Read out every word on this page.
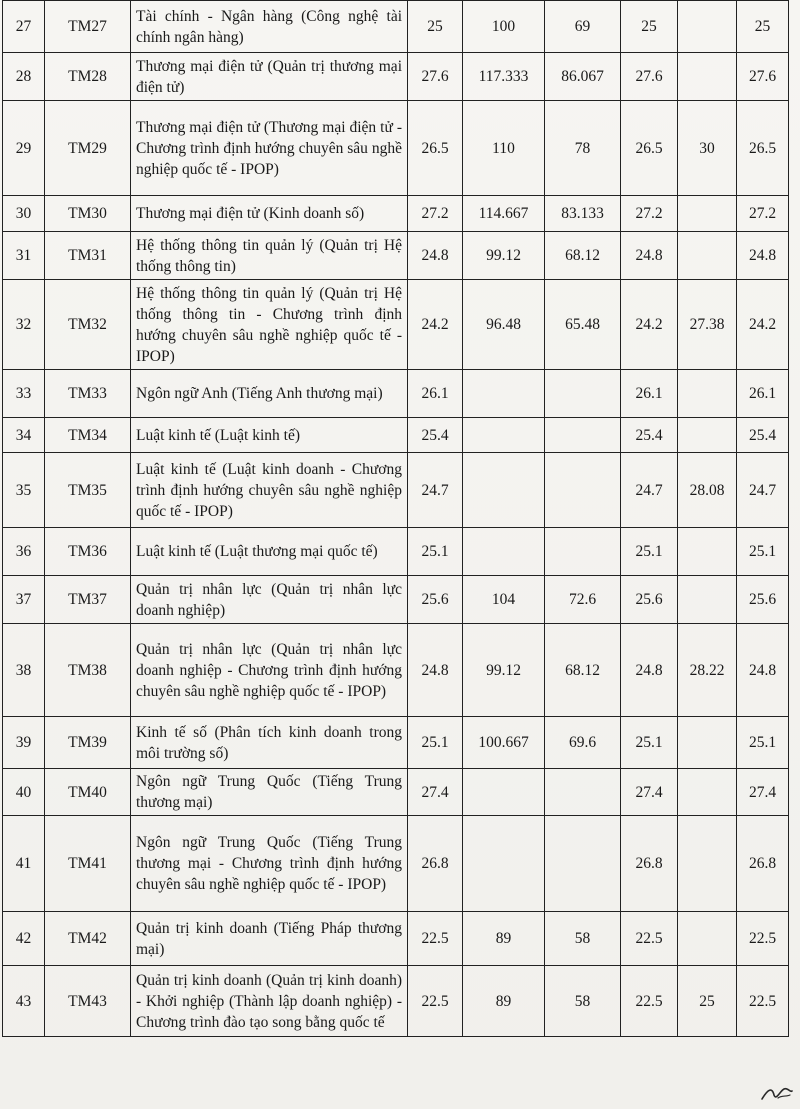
27	TM27	Tài chính - Ngân hàng (Công nghệ tài chính ngân hàng)	25	100	69	25		25
28	TM28	Thương mại điện tử (Quản trị thương mại điện tử)	27.6	117.333	86.067	27.6		27.6
29	TM29	Thương mại điện tử (Thương mại điện tử - Chương trình định hướng chuyên sâu nghề nghiệp quốc tế - IPOP)	26.5	110	78	26.5	30	26.5
30	TM30	Thương mại điện tử (Kinh doanh số)	27.2	114.667	83.133	27.2		27.2
31	TM31	Hệ thống thông tin quản lý (Quản trị Hệ thống thông tin)	24.8	99.12	68.12	24.8		24.8
32	TM32	Hệ thống thông tin quản lý (Quản trị Hệ thống thông tin - Chương trình định hướng chuyên sâu nghề nghiệp quốc tế - IPOP)	24.2	96.48	65.48	24.2	27.38	24.2
33	TM33	Ngôn ngữ Anh (Tiếng Anh thương mại)	26.1			26.1		26.1
34	TM34	Luật kinh tế (Luật kinh tế)	25.4			25.4		25.4
35	TM35	Luật kinh tế (Luật kinh doanh - Chương trình định hướng chuyên sâu nghề nghiệp quốc tế - IPOP)	24.7			24.7	28.08	24.7
36	TM36	Luật kinh tế (Luật thương mại quốc tế)	25.1			25.1		25.1
37	TM37	Quản trị nhân lực (Quản trị nhân lực doanh nghiệp)	25.6	104	72.6	25.6		25.6
38	TM38	Quản trị nhân lực (Quản trị nhân lực doanh nghiệp - Chương trình định hướng chuyên sâu nghề nghiệp quốc tế - IPOP)	24.8	99.12	68.12	24.8	28.22	24.8
39	TM39	Kinh tế số (Phân tích kinh doanh trong môi trường số)	25.1	100.667	69.6	25.1		25.1
40	TM40	Ngôn ngữ Trung Quốc (Tiếng Trung thương mại)	27.4			27.4		27.4
41	TM41	Ngôn ngữ Trung Quốc (Tiếng Trung thương mại - Chương trình định hướng chuyên sâu nghề nghiệp quốc tế - IPOP)	26.8			26.8		26.8
42	TM42	Quản trị kinh doanh (Tiếng Pháp thương mại)	22.5	89	58	22.5		22.5
43	TM43	Quản trị kinh doanh (Quản trị kinh doanh) - Khởi nghiệp (Thành lập doanh nghiệp) - Chương trình đào tạo song bằng quốc tế	22.5	89	58	22.5	25	22.5
